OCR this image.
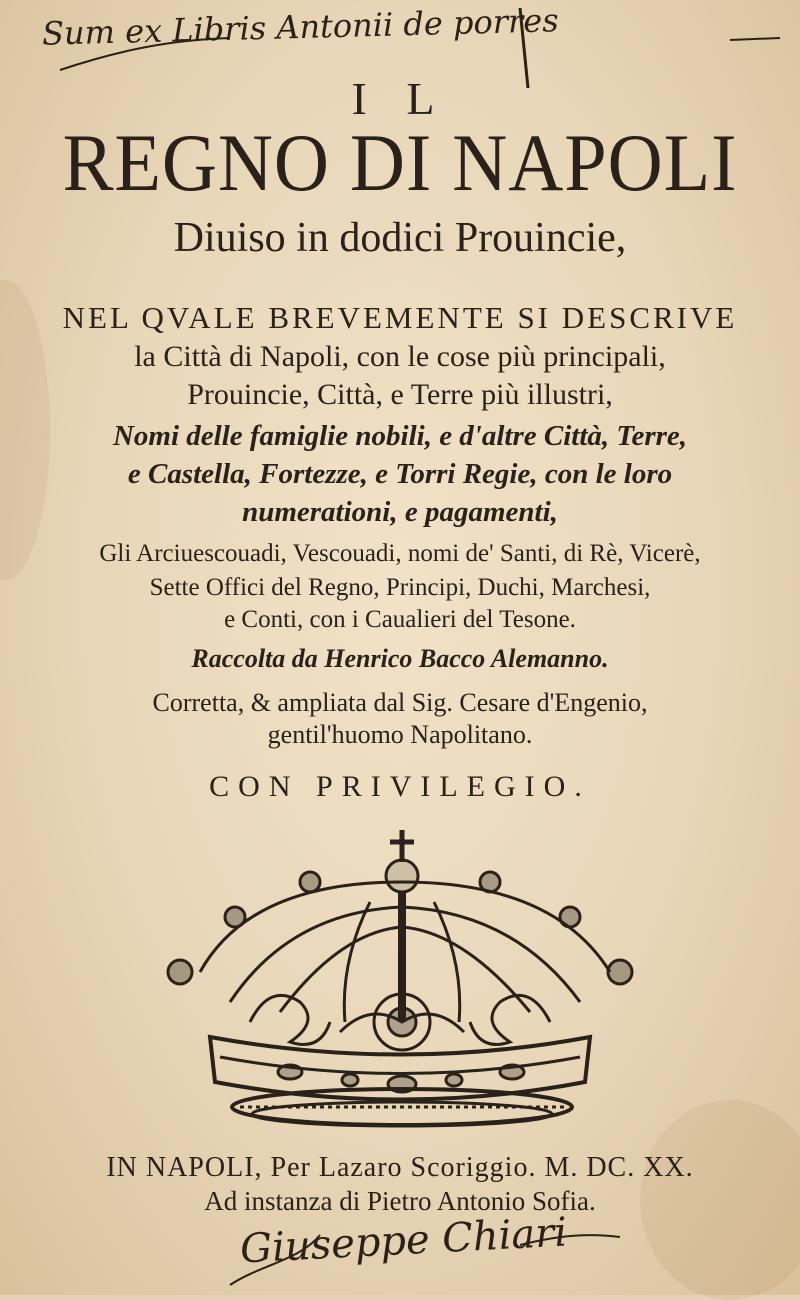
Sum ex Libris Antonii de porres
I L
REGNO DI NAPOLI
Diuiso in dodici Prouincie,
NEL QVALE BREVEMENTE SI DESCRIVE
la Città di Napoli, con le cose più principali,
Prouincie, Città, e Terre più illustri,
Nomi delle famiglie nobili, e d'altre Città, Terre,
e Castella, Fortezze, e Torri Regie, con le loro
numerationi, e pagamenti,
Gli Arciuescouadi, Vescouadi, nomi de' Santi, di Rè, Vicerè,
Sette Offici del Regno, Principi, Duchi, Marchesi,
e Conti, con i Caualieri del Tesone.
Raccolta da Henrico Bacco Alemanno.
Corretta, & ampliata dal Sig. Cesare d'Engenio,
gentil'huomo Napolitano.
CON PRIVILEGIO.
IN NAPOLI, Per Lazaro Scoriggio. M. DC. XX.
Ad instanza di Pietro Antonio Sofia.
Giuseppe Chiari
